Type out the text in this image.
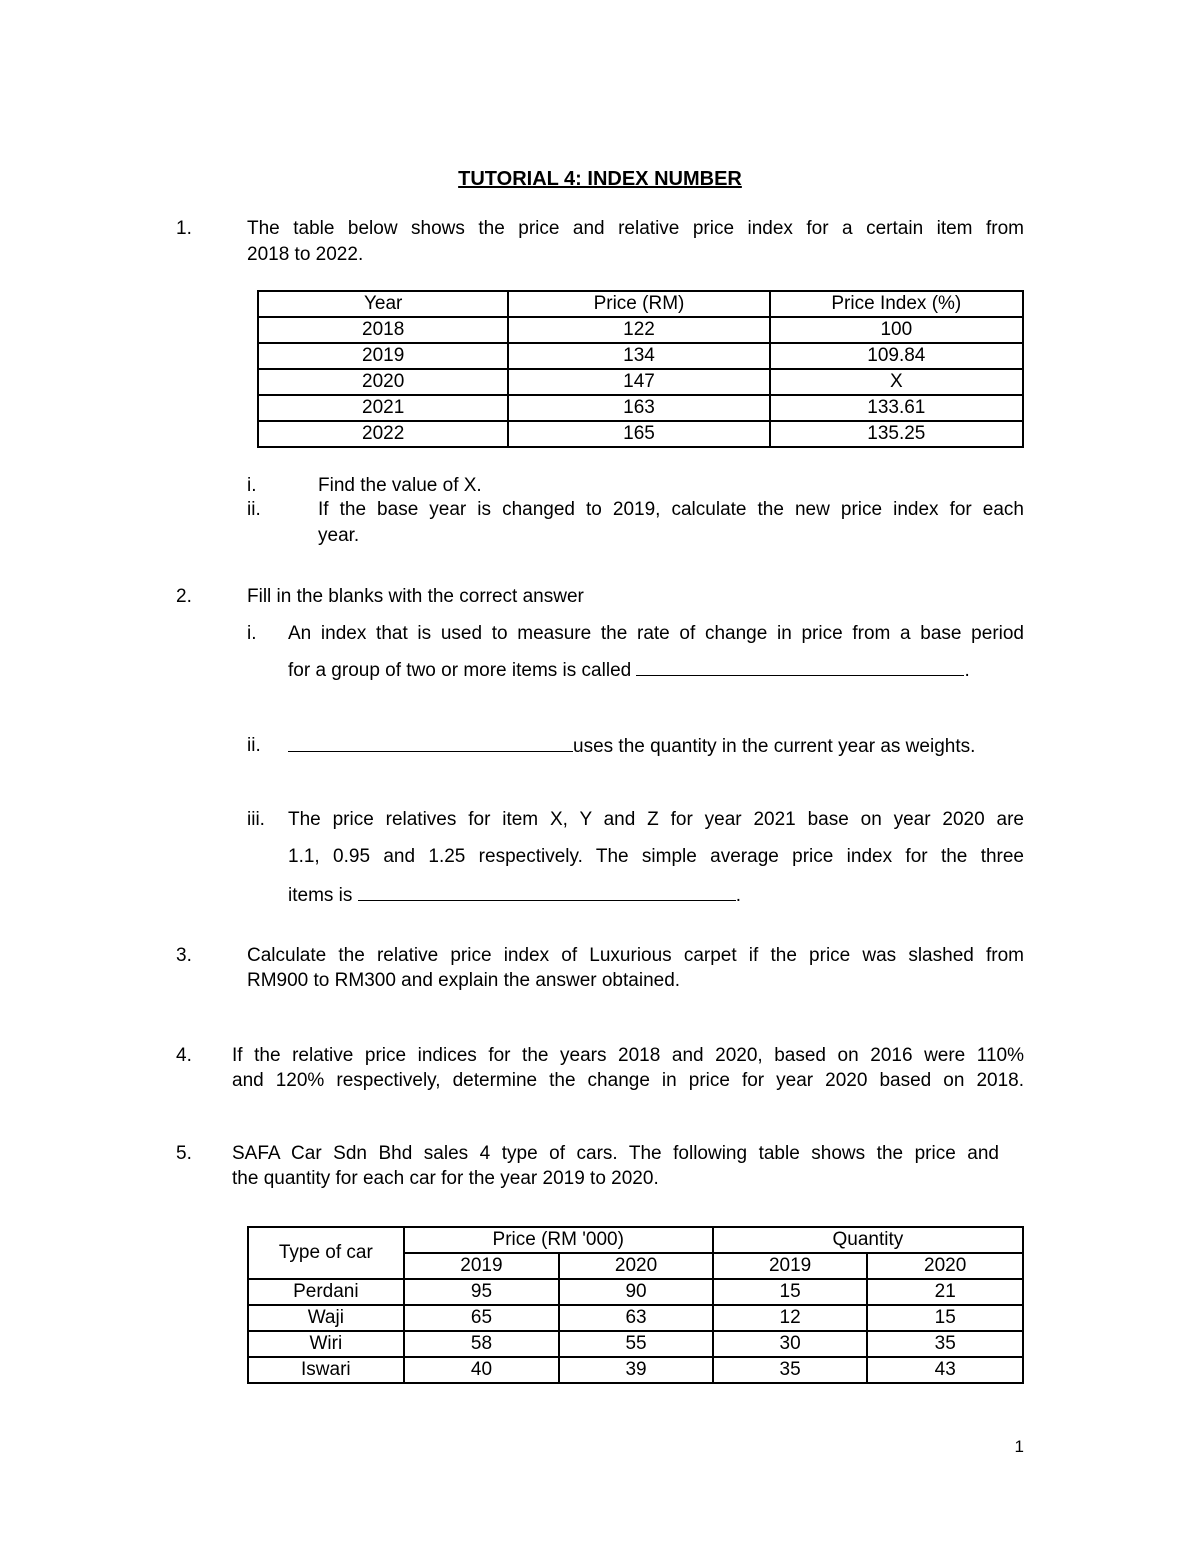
TUTORIAL 4: INDEX NUMBER
1.	The table below shows the price and relative price index for a certain item from
2018 to 2022.
Year	Price (RM)	Price Index (%)
2018	122	100
2019	134	109.84
2020	147	X
2021	163	133.61
2022	165	135.25
i.	Find the value of X.
ii.	If the base year is changed to 2019, calculate the new price index for each
year.
2.	Fill in the blanks with the correct answer
i. An index that is used to measure the rate of change in price from a base period
for a group of two or more items is called	.
ii.	uses the quantity in the current year as weights.
iii. The price relatives for item X, Y and Z for year 2021 base on year 2020 are
1.1, 0.95 and 1.25 respectively. The simple average price index for the three
items is	.
3.	Calculate the relative price index of Luxurious carpet if the price was slashed from
RM900 to RM300 and explain the answer obtained.
4. If the relative price indices for the years 2018 and 2020, based on 2016 were 110%
and 120% respectively, determine the change in price for year 2020 based on 2018.
5. SAFA Car Sdn Bhd sales 4 type of cars. The following table shows the price and
the quantity for each car for the year 2019 to 2020.
Type of car	Price (RM '000)		Quantity	
	2019	2020	2019	2020
Perdani	95	90	15	21
Waji	65	63	12	15
Wiri	58	55	30	35
Iswari	40	39	35	43
1
